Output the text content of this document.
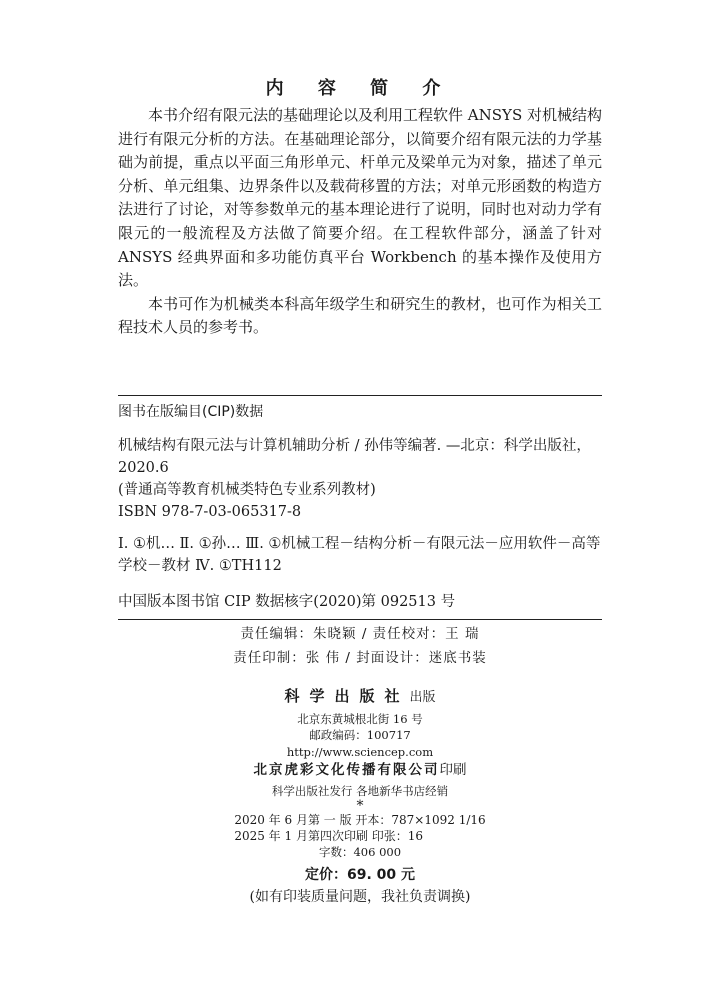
内 容 简 介

本书介绍有限元法的基础理论以及利用工程软件 ANSYS 对机械结构进行有限元分析的方法。在基础理论部分，以简要介绍有限元法的力学基础为前提，重点以平面三角形单元、杆单元及梁单元为对象，描述了单元分析、单元组集、边界条件以及载荷移置的方法；对单元形函数的构造方法进行了讨论，对等参数单元的基本理论进行了说明，同时也对动力学有限元的一般流程及方法做了简要介绍。在工程软件部分，涵盖了针对 ANSYS 经典界面和多功能仿真平台 Workbench 的基本操作及使用方法。

本书可作为机械类本科高年级学生和研究生的教材，也可作为相关工程技术人员的参考书。

图书在版编目(CIP)数据
机械结构有限元法与计算机辅助分析 / 孙伟等编著. —北京：科学出版社，2020.6
(普通高等教育机械类特色专业系列教材)
ISBN 978-7-03-065317-8
Ⅰ. ①机… Ⅱ. ①孙… Ⅲ. ①机械工程－结构分析－有限元法－应用软件－高等学校－教材 Ⅳ. ①TH112
中国版本图书馆 CIP 数据核字(2020)第 092513 号
责任编辑：朱晓颖 / 责任校对：王 瑞
责任印制：张 伟 / 封面设计：迷底书装
科学出版社出版
北京东黄城根北街 16 号
邮政编码：100717
http://www.sciencep.com
北京虎彩文化传播有限公司印刷
科学出版社发行 各地新华书店经销
*
2020 年 6 月第 一 版 开本：787×1092 1/16
2025 年 1 月第四次印刷 印张：16
字数：406 000
定价：69. 00 元
(如有印装质量问题，我社负责调换)
